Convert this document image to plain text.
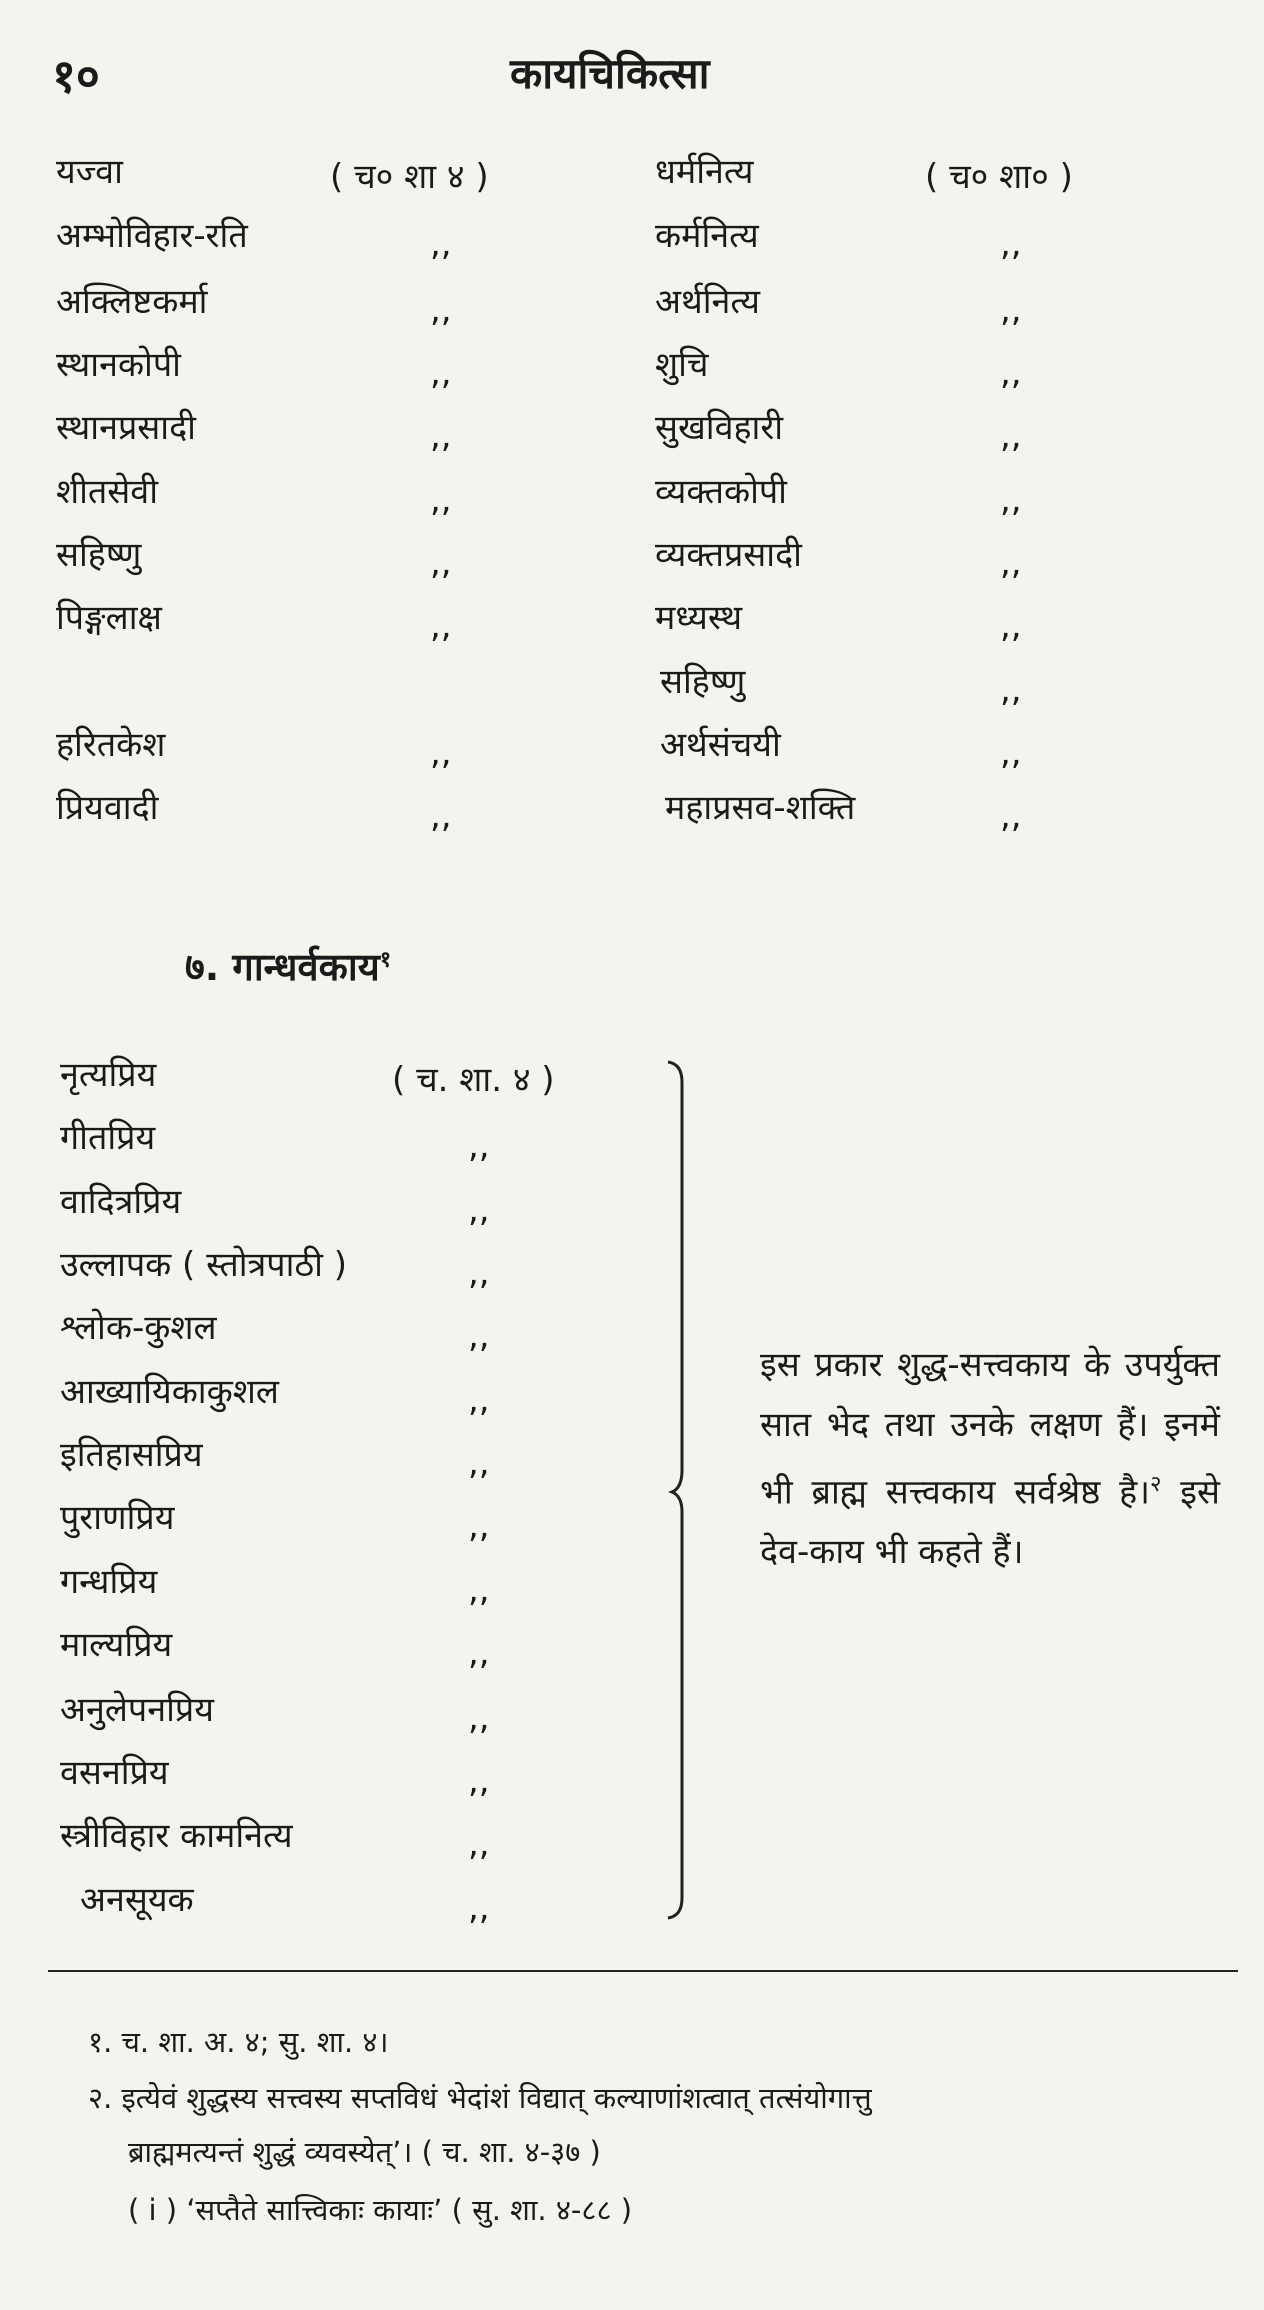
१०	कायचिकित्सा
यज्वा	( च० शा ४ )
अम्भोविहार-रति	,,
अक्लिष्टकर्मा	,,
स्थानकोपी	,,
स्थानप्रसादी	,,
शीतसेवी	,,
सहिष्णु	,,
पिङ्गलाक्ष	,,
हरितकेश	,,
प्रियवादी	,,
धर्मनित्य	( च० शा० )
कर्मनित्य	,,
अर्थनित्य	,,
शुचि	,,
सुखविहारी	,,
व्यक्तकोपी	,,
व्यक्तप्रसादी	,,
मध्यस्थ	,,
सहिष्णु	,,
अर्थसंचयी	,,
महाप्रसव-शक्ति	,,
७. गान्धर्वकाय$^१$
नृत्यप्रिय	( च. शा. ४ )
गीतप्रिय	,,
वादित्रप्रिय	,,
उल्लापक ( स्तोत्रपाठी )	,,
श्लोक-कुशल	,,
आख्यायिकाकुशल	,,
इतिहासप्रिय	,,
पुराणप्रिय	,,
गन्धप्रिय	,,
माल्यप्रिय	,,
अनुलेपनप्रिय	,,
वसनप्रिय	,,
स्त्रीविहार कामनित्य	,,
अनसूयक	,,
इस प्रकार शुद्ध-सत्त्वकाय के उपर्युक्त सात भेद तथा उनके लक्षण हैं। इनमें भी ब्राह्म सत्त्वकाय सर्वश्रेष्ठ है।$^२$ इसे देव-काय भी कहते हैं।
१. च. शा. अ. ४; सु. शा. ४।
२. इत्येवं शुद्धस्य सत्त्वस्य सप्तविधं भेदांशं विद्यात् कल्याणांशत्वात् तत्संयोगात्तु
ब्राह्ममत्यन्तं शुद्धं व्यवस्येत्’। ( च. शा. ४-३७ )
( i ) ‘सप्तैते सात्त्विकाः कायाः’ ( सु. शा. ४-८८ )
